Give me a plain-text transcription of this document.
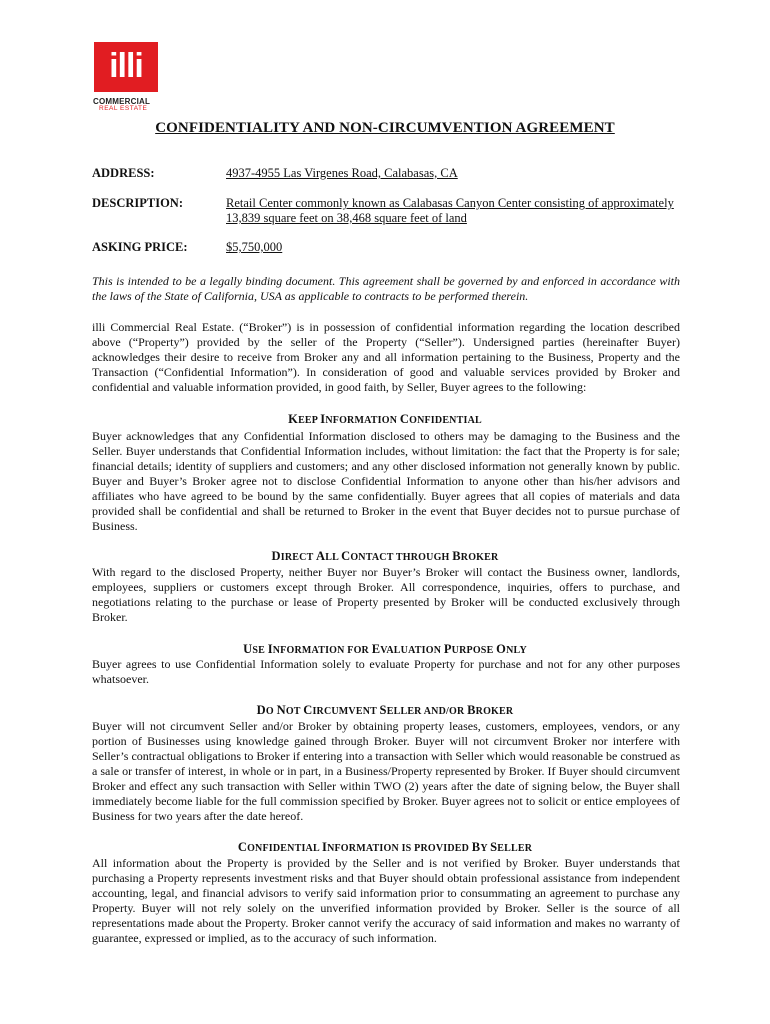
illi
COMMERCIAL
REAL ESTATE
CONFIDENTIALITY AND NON-CIRCUMVENTION AGREEMENT
ADDRESS:	4937-4955 Las Virgenes Road, Calabasas, CA
DESCRIPTION:	Retail Center commonly known as Calabasas Canyon Center consisting of approximately 13,839 square feet on 38,468 square feet of land
ASKING PRICE:	$5,750,000
This is intended to be a legally binding document. This agreement shall be governed by and enforced in accordance with the laws of the State of California, USA as applicable to contracts to be performed therein.
illi Commercial Real Estate. (“Broker”) is in possession of confidential information regarding the location described above (“Property”) provided by the seller of the Property (“Seller”). Undersigned parties (hereinafter Buyer) acknowledges their desire to receive from Broker any and all information pertaining to the Business, Property and the Transaction (“Confidential Information”). In consideration of good and valuable services provided by Broker and confidential and valuable information provided, in good faith, by Seller, Buyer agrees to the following:
KEEP INFORMATION CONFIDENTIAL
Buyer acknowledges that any Confidential Information disclosed to others may be damaging to the Business and the Seller. Buyer understands that Confidential Information includes, without limitation: the fact that the Property is for sale; financial details; identity of suppliers and customers; and any other disclosed information not generally known by public. Buyer and Buyer’s Broker agree not to disclose Confidential Information to anyone other than his/her advisors and affiliates who have agreed to be bound by the same confidentially. Buyer agrees that all copies of materials and data provided shall be confidential and shall be returned to Broker in the event that Buyer decides not to pursue purchase of Business.
DIRECT ALL CONTACT THROUGH BROKER
With regard to the disclosed Property, neither Buyer nor Buyer’s Broker will contact the Business owner, landlords, employees, suppliers or customers except through Broker. All correspondence, inquiries, offers to purchase, and negotiations relating to the purchase or lease of Property presented by Broker will be conducted exclusively through Broker.
USE INFORMATION FOR EVALUATION PURPOSE ONLY
Buyer agrees to use Confidential Information solely to evaluate Property for purchase and not for any other purposes whatsoever.
DO NOT CIRCUMVENT SELLER AND/OR BROKER
Buyer will not circumvent Seller and/or Broker by obtaining property leases, customers, employees, vendors, or any portion of Businesses using knowledge gained through Broker. Buyer will not circumvent Broker nor interfere with Seller’s contractual obligations to Broker if entering into a transaction with Seller which would reasonable be construed as a sale or transfer of interest, in whole or in part, in a Business/Property represented by Broker. If Buyer should circumvent Broker and effect any such transaction with Seller within TWO (2) years after the date of signing below, the Buyer shall immediately become liable for the full commission specified by Broker. Buyer agrees not to solicit or entice employees of Business for two years after the date hereof.
CONFIDENTIAL INFORMATION IS PROVIDED BY SELLER
All information about the Property is provided by the Seller and is not verified by Broker. Buyer understands that purchasing a Property represents investment risks and that Buyer should obtain professional assistance from independent accounting, legal, and financial advisors to verify said information prior to consummating an agreement to purchase any Property. Buyer will not rely solely on the unverified information provided by Broker. Seller is the source of all representations made about the Property. Broker cannot verify the accuracy of said information and makes no warranty of guarantee, expressed or implied, as to the accuracy of such information.
